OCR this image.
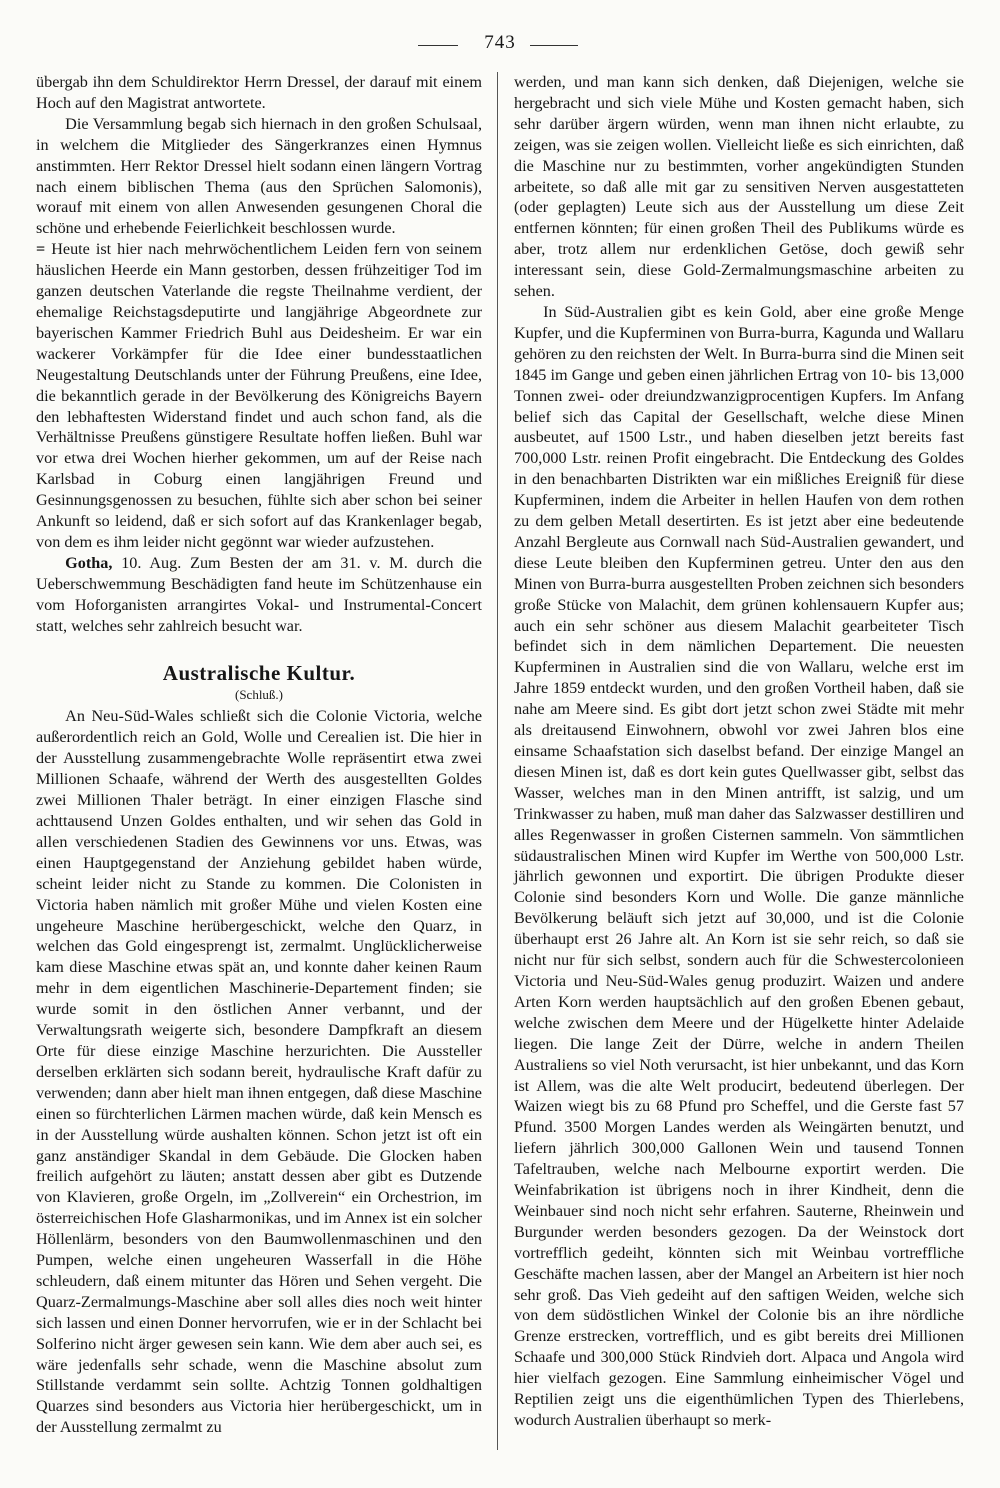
743

übergab ihn dem Schuldirektor Herrn Dressel, der darauf mit einem Hoch auf den Magistrat antwortete.

Die Versammlung begab sich hiernach in den großen Schulsaal, in welchem die Mitglieder des Sängerkranzes einen Hymnus anstimmten. Herr Rektor Dressel hielt sodann einen längern Vortrag nach einem biblischen Thema (aus den Sprüchen Salomonis), worauf mit einem von allen Anwesenden gesungenen Choral die schöne und erhebende Feierlichkeit beschlossen wurde.

= Heute ist hier nach mehrwöchentlichem Leiden fern von seinem häuslichen Heerde ein Mann gestorben, dessen frühzeitiger Tod im ganzen deutschen Vaterlande die regste Theilnahme verdient, der ehemalige Reichstagsdeputirte und langjährige Abgeordnete zur bayerischen Kammer Friedrich Buhl aus Deidesheim. Er war ein wackerer Vorkämpfer für die Idee einer bundesstaatlichen Neugestaltung Deutschlands unter der Führung Preußens, eine Idee, die bekanntlich gerade in der Bevölkerung des Königreichs Bayern den lebhaftesten Widerstand findet und auch schon fand, als die Verhältnisse Preußens günstigere Resultate hoffen ließen. Buhl war vor etwa drei Wochen hierher gekommen, um auf der Reise nach Karlsbad in Coburg einen langjährigen Freund und Gesinnungsgenossen zu besuchen, fühlte sich aber schon bei seiner Ankunft so leidend, daß er sich sofort auf das Krankenlager begab, von dem es ihm leider nicht gegönnt war wieder aufzustehen.

Gotha, 10. Aug. Zum Besten der am 31. v. M. durch die Ueberschwemmung Beschädigten fand heute im Schützenhause ein vom Hoforganisten arrangirtes Vokal- und Instrumental-Concert statt, welches sehr zahlreich besucht war.

Australische Kultur.
(Schluß.)

An Neu-Süd-Wales schließt sich die Colonie Victoria, welche außerordentlich reich an Gold, Wolle und Cerealien ist. Die hier in der Ausstellung zusammengebrachte Wolle repräsentirt etwa zwei Millionen Schaafe, während der Werth des ausgestellten Goldes zwei Millionen Thaler beträgt. In einer einzigen Flasche sind achttausend Unzen Goldes enthalten, und wir sehen das Gold in allen verschiedenen Stadien des Gewinnens vor uns. Etwas, was einen Hauptgegenstand der Anziehung gebildet haben würde, scheint leider nicht zu Stande zu kommen. Die Colonisten in Victoria haben nämlich mit großer Mühe und vielen Kosten eine ungeheure Maschine herübergeschickt, welche den Quarz, in welchen das Gold eingesprengt ist, zermalmt. Unglücklicherweise kam diese Maschine etwas spät an, und konnte daher keinen Raum mehr in dem eigentlichen Maschinerie-Departement finden; sie wurde somit in den östlichen Anner verbannt, und der Verwaltungsrath weigerte sich, besondere Dampfkraft an diesem Orte für diese einzige Maschine herzurichten. Die Aussteller derselben erklärten sich sodann bereit, hydraulische Kraft dafür zu verwenden; dann aber hielt man ihnen entgegen, daß diese Maschine einen so fürchterlichen Lärmen machen würde, daß kein Mensch es in der Ausstellung würde aushalten können. Schon jetzt ist oft ein ganz anständiger Skandal in dem Gebäude. Die Glocken haben freilich aufgehört zu läuten; anstatt dessen aber gibt es Dutzende von Klavieren, große Orgeln, im „Zollverein“ ein Orchestrion, im österreichischen Hofe Glasharmonikas, und im Annex ist ein solcher Höllenlärm, besonders von den Baumwollenmaschinen und den Pumpen, welche einen ungeheuren Wasserfall in die Höhe schleudern, daß einem mitunter das Hören und Sehen vergeht. Die Quarz-Zermalmungs-Maschine aber soll alles dies noch weit hinter sich lassen und einen Donner hervorrufen, wie er in der Schlacht bei Solferino nicht ärger gewesen sein kann. Wie dem aber auch sei, es wäre jedenfalls sehr schade, wenn die Maschine absolut zum Stillstande verdammt sein sollte. Achtzig Tonnen goldhaltigen Quarzes sind besonders aus Victoria hier herübergeschickt, um in der Ausstellung zermalmt zu

werden, und man kann sich denken, daß Diejenigen, welche sie hergebracht und sich viele Mühe und Kosten gemacht haben, sich sehr darüber ärgern würden, wenn man ihnen nicht erlaubte, zu zeigen, was sie zeigen wollen. Vielleicht ließe es sich einrichten, daß die Maschine nur zu bestimmten, vorher angekündigten Stunden arbeitete, so daß alle mit gar zu sensitiven Nerven ausgestatteten (oder geplagten) Leute sich aus der Ausstellung um diese Zeit entfernen könnten; für einen großen Theil des Publikums würde es aber, trotz allem nur erdenklichen Getöse, doch gewiß sehr interessant sein, diese Gold-Zermalmungsmaschine arbeiten zu sehen.

In Süd-Australien gibt es kein Gold, aber eine große Menge Kupfer, und die Kupferminen von Burra-burra, Kagunda und Wallaru gehören zu den reichsten der Welt. In Burra-burra sind die Minen seit 1845 im Gange und geben einen jährlichen Ertrag von 10- bis 13,000 Tonnen zwei- oder dreiundzwanzigprocentigen Kupfers. Im Anfang belief sich das Capital der Gesellschaft, welche diese Minen ausbeutet, auf 1500 Lstr., und haben dieselben jetzt bereits fast 700,000 Lstr. reinen Profit eingebracht. Die Entdeckung des Goldes in den benachbarten Distrikten war ein mißliches Ereigniß für diese Kupferminen, indem die Arbeiter in hellen Haufen von dem rothen zu dem gelben Metall desertirten. Es ist jetzt aber eine bedeutende Anzahl Bergleute aus Cornwall nach Süd-Australien gewandert, und diese Leute bleiben den Kupferminen getreu. Unter den aus den Minen von Burra-burra ausgestellten Proben zeichnen sich besonders große Stücke von Malachit, dem grünen kohlensauern Kupfer aus; auch ein sehr schöner aus diesem Malachit gearbeiteter Tisch befindet sich in dem nämlichen Departement. Die neuesten Kupferminen in Australien sind die von Wallaru, welche erst im Jahre 1859 entdeckt wurden, und den großen Vortheil haben, daß sie nahe am Meere sind. Es gibt dort jetzt schon zwei Städte mit mehr als dreitausend Einwohnern, obwohl vor zwei Jahren blos eine einsame Schaafstation sich daselbst befand. Der einzige Mangel an diesen Minen ist, daß es dort kein gutes Quellwasser gibt, selbst das Wasser, welches man in den Minen antrifft, ist salzig, und um Trinkwasser zu haben, muß man daher das Salzwasser destilliren und alles Regenwasser in großen Cisternen sammeln. Von sämmtlichen südaustralischen Minen wird Kupfer im Werthe von 500,000 Lstr. jährlich gewonnen und exportirt. Die übrigen Produkte dieser Colonie sind besonders Korn und Wolle. Die ganze männliche Bevölkerung beläuft sich jetzt auf 30,000, und ist die Colonie überhaupt erst 26 Jahre alt. An Korn ist sie sehr reich, so daß sie nicht nur für sich selbst, sondern auch für die Schwestercolonieen Victoria und Neu-Süd-Wales genug produzirt. Waizen und andere Arten Korn werden hauptsächlich auf den großen Ebenen gebaut, welche zwischen dem Meere und der Hügelkette hinter Adelaide liegen. Die lange Zeit der Dürre, welche in andern Theilen Australiens so viel Noth verursacht, ist hier unbekannt, und das Korn ist Allem, was die alte Welt producirt, bedeutend überlegen. Der Waizen wiegt bis zu 68 Pfund pro Scheffel, und die Gerste fast 57 Pfund. 3500 Morgen Landes werden als Weingärten benutzt, und liefern jährlich 300,000 Gallonen Wein und tausend Tonnen Tafeltrauben, welche nach Melbourne exportirt werden. Die Weinfabrikation ist übrigens noch in ihrer Kindheit, denn die Weinbauer sind noch nicht sehr erfahren. Sauterne, Rheinwein und Burgunder werden besonders gezogen. Da der Weinstock dort vortrefflich gedeiht, könnten sich mit Weinbau vortreffliche Geschäfte machen lassen, aber der Mangel an Arbeitern ist hier noch sehr groß. Das Vieh gedeiht auf den saftigen Weiden, welche sich von dem südöstlichen Winkel der Colonie bis an ihre nördliche Grenze erstrecken, vortrefflich, und es gibt bereits drei Millionen Schaafe und 300,000 Stück Rindvieh dort. Alpaca und Angola wird hier vielfach gezogen. Eine Sammlung einheimischer Vögel und Reptilien zeigt uns die eigenthümlichen Typen des Thierlebens, wodurch Australien überhaupt so merk-
